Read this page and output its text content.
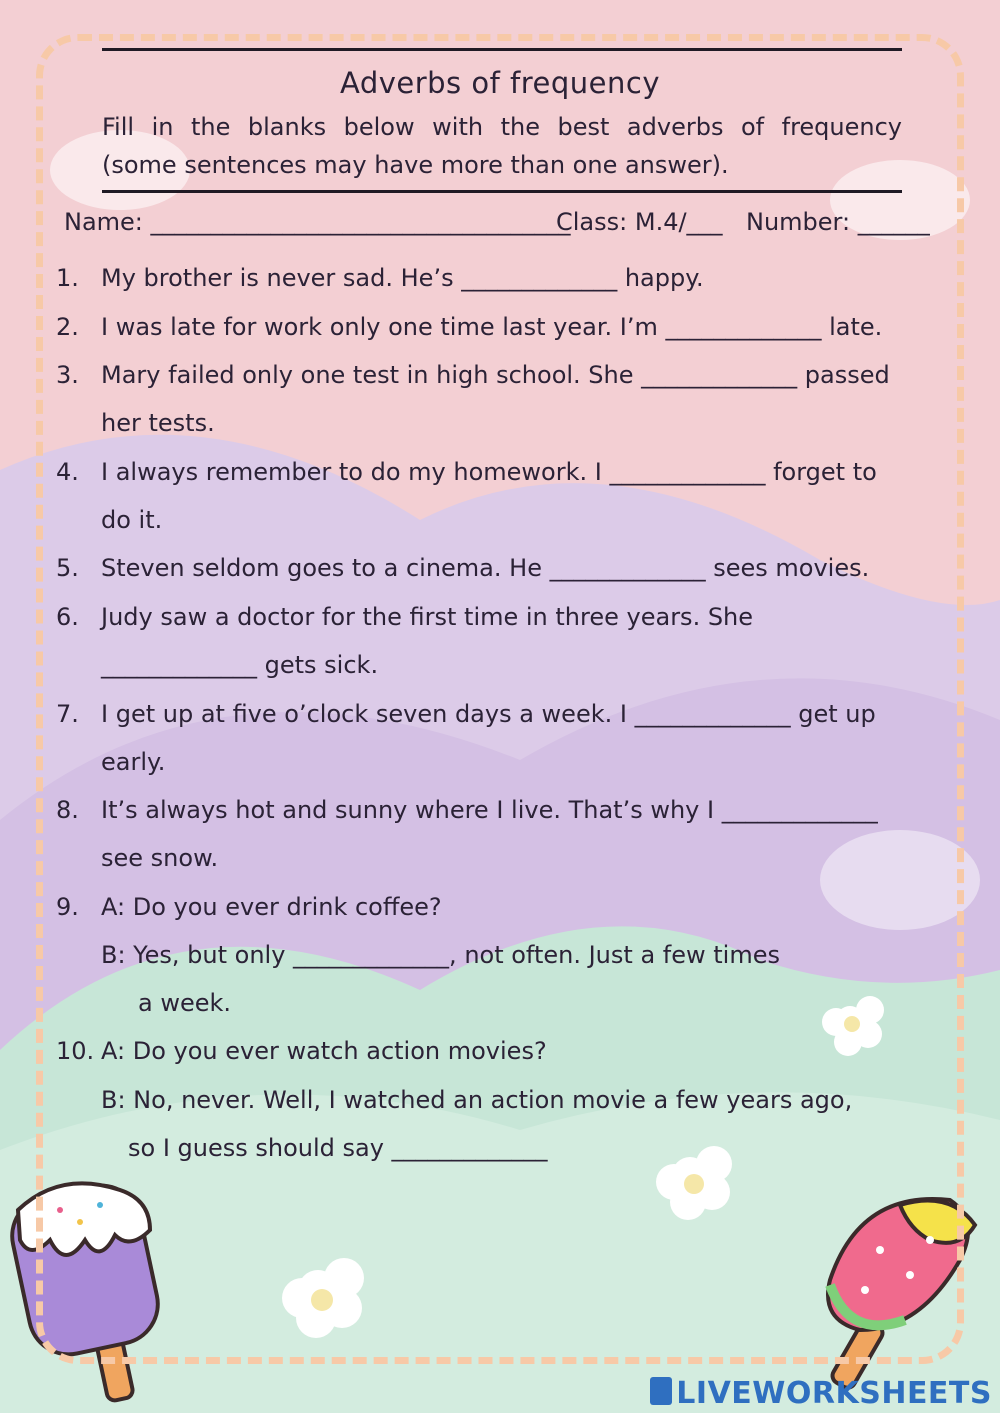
Adverbs of frequency
Fill in the blanks below with the best adverbs of frequency
(some sentences may have more than one answer).
Name: ___________________________________
Class: M.4/___ Number: ______
1. My brother is never sad. He’s _____________ happy.
2. I was late for work only one time last year. I’m _____________ late.
3. Mary failed only one test in high school. She _____________ passed
her tests.
4. I always remember to do my homework. I _____________ forget to
do it.
5. Steven seldom goes to a cinema. He _____________ sees movies.
6. Judy saw a doctor for the first time in three years. She
_____________ gets sick.
7. I get up at five o’clock seven days a week. I _____________ get up
early.
8. It’s always hot and sunny where I live. That’s why I _____________
see snow.
9. A: Do you ever drink coffee?
B: Yes, but only _____________, not often. Just a few times
a week.
10. A: Do you ever watch action movies?
B: No, never. Well, I watched an action movie a few years ago,
so I guess should say _____________
LIVEWORKSHEETS
